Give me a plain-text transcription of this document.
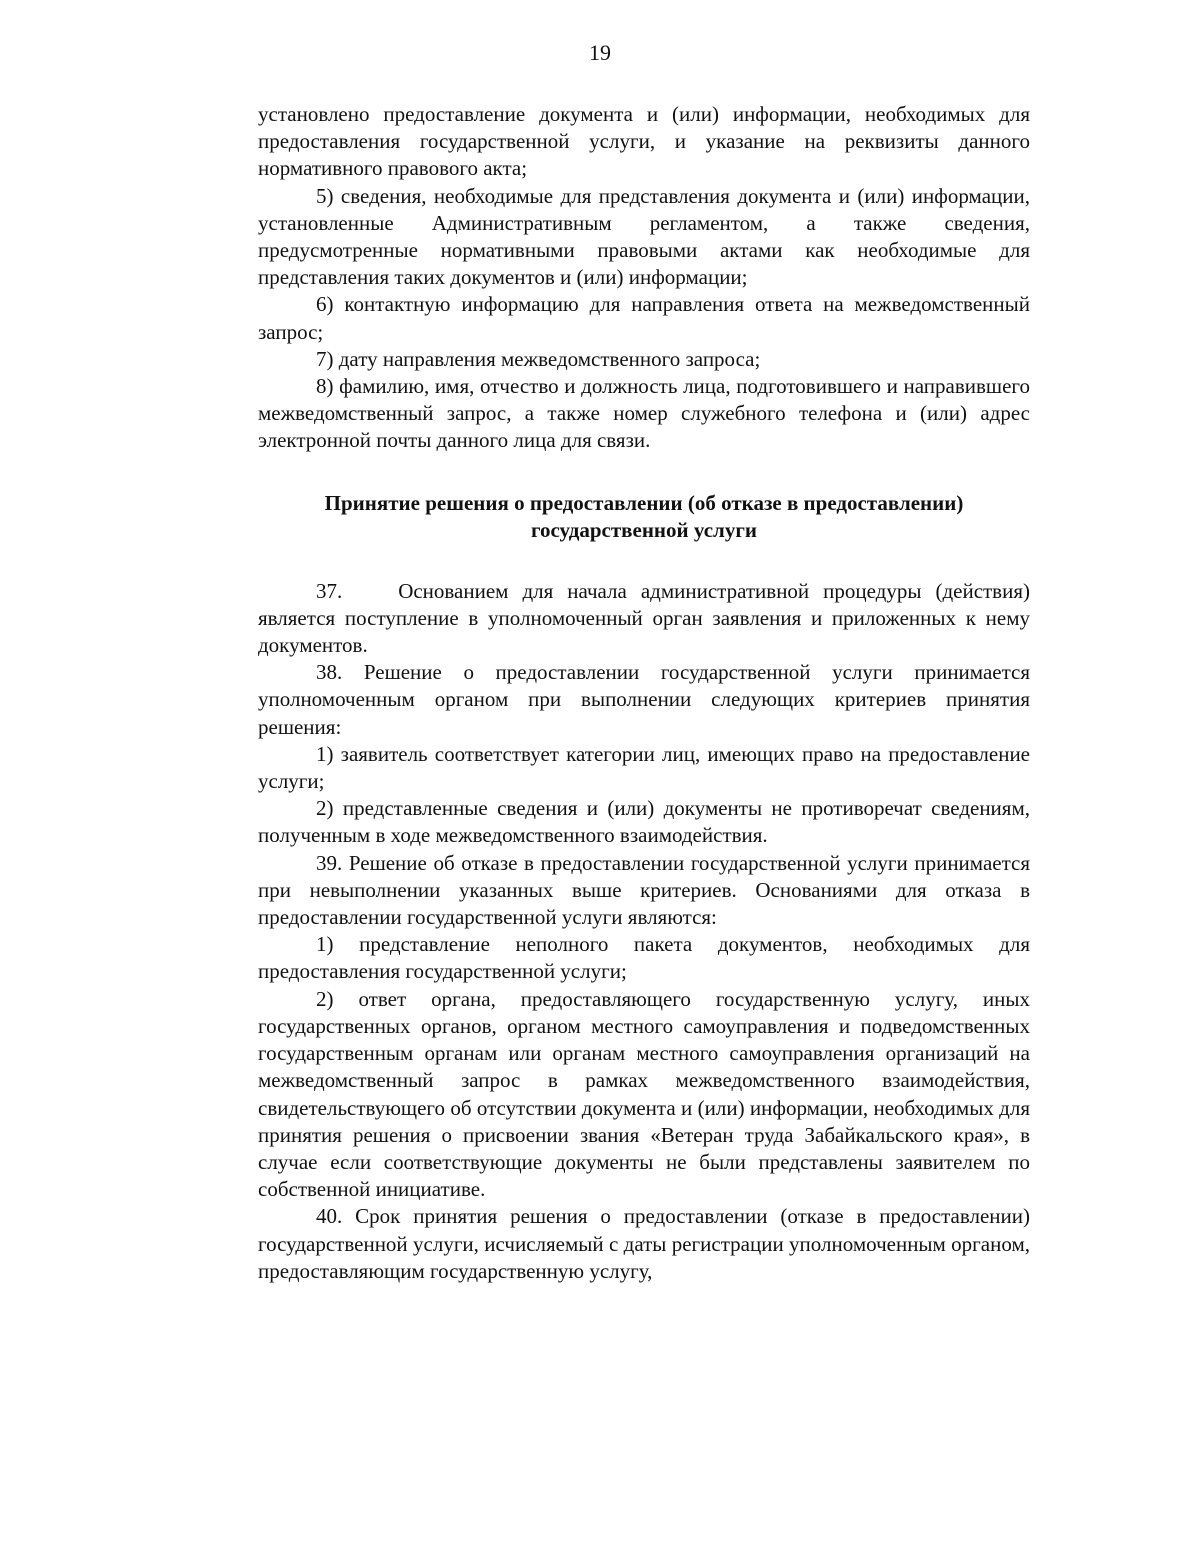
19

установлено предоставление документа и (или) информации, необходимых для предоставления государственной услуги, и указание на реквизиты данного нормативного правового акта;

5) сведения, необходимые для представления документа и (или) информации, установленные Административным регламентом, а также сведения, предусмотренные нормативными правовыми актами как необходимые для представления таких документов и (или) информации;

6) контактную информацию для направления ответа на межведомственный запрос;

7) дату направления межведомственного запроса;

8) фамилию, имя, отчество и должность лица, подготовившего и направившего межведомственный запрос, а также номер служебного телефона и (или) адрес электронной почты данного лица для связи.

Принятие решения о предоставлении (об отказе в предоставлении)
государственной услуги

37.    Основанием для начала административной процедуры (действия) является поступление в уполномоченный орган заявления и приложенных к нему документов.

38. Решение о предоставлении государственной услуги принимается уполномоченным органом при выполнении следующих критериев принятия решения:

1) заявитель соответствует категории лиц, имеющих право на предоставление услуги;

2) представленные сведения и (или) документы не противоречат сведениям, полученным в ходе межведомственного взаимодействия.

39. Решение об отказе в предоставлении государственной услуги принимается при невыполнении указанных выше критериев. Основаниями для отказа в предоставлении государственной услуги являются:

1) представление неполного пакета документов, необходимых для предоставления государственной услуги;

2) ответ органа, предоставляющего государственную услугу, иных государственных органов, органом местного самоуправления и подведомственных государственным органам или органам местного самоуправления организаций на межведомственный запрос в рамках межведомственного взаимодействия, свидетельствующего об отсутствии документа и (или) информации, необходимых для принятия решения о присвоении звания «Ветеран труда Забайкальского края», в случае если соответствующие документы не были представлены заявителем по собственной инициативе.

40. Срок принятия решения о предоставлении (отказе в предоставлении) государственной услуги, исчисляемый с даты регистрации уполномоченным органом, предоставляющим государственную услугу,
